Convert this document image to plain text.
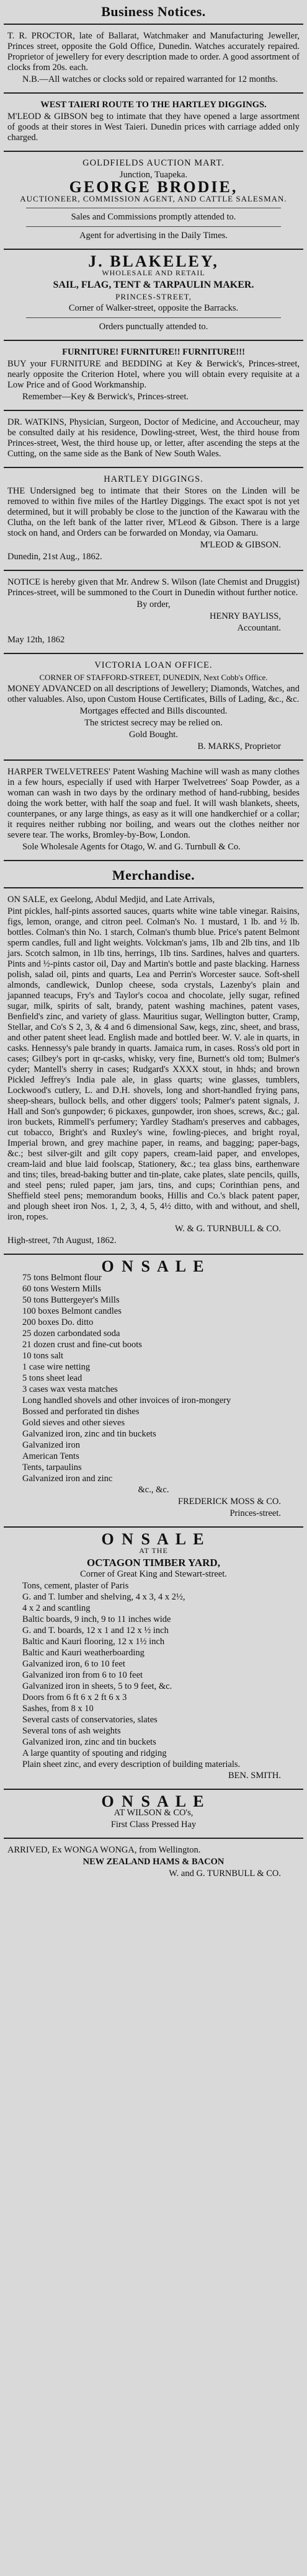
Business Notices.

T. R. PROCTOR, late of Ballarat, Watchmaker and Manufacturing Jeweller, Princes street, opposite the Gold Office, Dunedin. Watches accurately repaired. Proprietor of jewellery for every description made to order. A good assortment of clocks from 20s. each.

N.B.—All watches or clocks sold or repaired warranted for 12 months.

WEST TAIERI ROUTE TO THE HARTLEY DIGGINGS.

M'LEOD & GIBSON beg to intimate that they have opened a large assortment of goods at their stores in West Taieri. Dunedin prices with carriage added only charged.

GOLDFIELDS AUCTION MART.

Junction, Tuapeka.

GEORGE BRODIE,

AUCTIONEER, COMMISSION AGENT, AND CATTLE SALESMAN.

Sales and Commissions promptly attended to.

Agent for advertising in the Daily Times.

J. BLAKELEY,

WHOLESALE AND RETAIL

SAIL, FLAG, TENT & TARPAULIN MAKER.

PRINCES-STREET,

Corner of Walker-street, opposite the Barracks.

Orders punctually attended to.

FURNITURE! FURNITURE!! FURNITURE!!!

BUY your FURNITURE and BEDDING at Key & Berwick's, Princes-street, nearly opposite the Criterion Hotel, where you will obtain every requisite at a Low Price and of Good Workmanship.

Remember—Key & Berwick's, Princes-street.

DR. WATKINS, Physician, Surgeon, Doctor of Medicine, and Accoucheur, may be consulted daily at his residence, Dowling-street, West, the third house from Princes-street, West, the third house up, or letter, after ascending the steps at the Cutting, on the same side as the Bank of New South Wales.

HARTLEY DIGGINGS.

THE Undersigned beg to intimate that their Stores on the Linden will be removed to within five miles of the Hartley Diggings. The exact spot is not yet determined, but it will probably be close to the junction of the Kawarau with the Clutha, on the left bank of the latter river, M'Leod & Gibson. There is a large stock on hand, and Orders can be forwarded on Monday, via Oamaru.

M'LEOD & GIBSON.

Dunedin, 21st Aug., 1862.

NOTICE is hereby given that Mr. Andrew S. Wilson (late Chemist and Druggist) Princes-street, will be summoned to the Court in Dunedin without further notice.

By order,

HENRY BAYLISS,

Accountant.

May 12th, 1862

VICTORIA LOAN OFFICE.

CORNER OF STAFFORD-STREET, DUNEDIN, Next Cobb's Office.

MONEY ADVANCED on all descriptions of Jewellery; Diamonds, Watches, and other valuables. Also, upon Custom House Certificates, Bills of Lading, &c., &c.

Mortgages effected and Bills discounted.

The strictest secrecy may be relied on.

Gold Bought.

B. MARKS, Proprietor

HARPER TWELVETREES' Patent Washing Machine will wash as many clothes in a few hours, especially if used with Harper Twelvetrees' Soap Powder, as a woman can wash in two days by the ordinary method of hand-rubbing, besides doing the work better, with half the soap and fuel. It will wash blankets, sheets, counterpanes, or any large things, as easy as it will one handkerchief or a collar; it requires neither rubbing nor boiling, and wears out the clothes neither nor severe tear. The works, Bromley-by-Bow, London.

Sole Wholesale Agents for Otago, W. and G. Turnbull & Co.

Merchandise.

ON SALE, ex Geelong, Abdul Medjid, and Late Arrivals,

Pint pickles, half-pints assorted sauces, quarts white wine table vinegar. Raisins, figs, lemon, orange, and citron peel. Colman's No. 1 mustard, 1 lb. and ½ lb. bottles. Colman's thin No. 1 starch, Colman's thumb blue. Price's patent Belmont sperm candles, full and light weights. Volckman's jams, 1lb and 2lb tins, and 1lb jars. Scotch salmon, in 1lb tins, herrings, 1lb tins. Sardines, halves and quarters. Pints and ½-pints castor oil, Day and Martin's bottle and paste blacking. Harness polish, salad oil, pints and quarts, Lea and Perrin's Worcester sauce. Soft-shell almonds, candlewick, Dunlop cheese, soda crystals, Lazenby's plain and japanned teacups, Fry's and Taylor's cocoa and chocolate, jelly sugar, refined sugar, milk, spirits of salt, brandy, patent washing machines, patent vases, Benfield's zinc, and variety of glass. Mauritius sugar, Wellington butter, Cramp, Stellar, and Co's S 2, 3, & 4 and 6 dimensional Saw, kegs, zinc, sheet, and brass, and other patent sheet lead. English made and bottled beer. W. V. ale in quarts, in casks. Hennessy's pale brandy in quarts. Jamaica rum, in cases. Ross's old port in cases; Gilbey's port in qr-casks, whisky, very fine, Burnett's old tom; Bulmer's cyder; Mantell's sherry in cases; Rudgard's XXXX stout, in hhds; and brown Pickled Jeffrey's India pale ale, in glass quarts; wine glasses, tumblers, Lockwood's cutlery, L. and D.H. shovels, long and short-handled frying pans, sheep-shears, bullock bells, and other diggers' tools; Palmer's patent signals, J. Hall and Son's gunpowder; 6 pickaxes, gunpowder, iron shoes, screws, &c.; gal. iron buckets, Rimmell's perfumery; Yardley Stadham's preserves and cabbages, cut tobacco, Bright's and Ruxley's wine, fowling-pieces, and bright royal, Imperial brown, and grey machine paper, in reams, and bagging; paper-bags, &c.; best silver-gilt and gilt copy papers, cream-laid paper, and envelopes, cream-laid and blue laid foolscap, Stationery, &c.; tea glass bins, earthenware and tins; tiles, bread-baking butter and tin-plate, cake plates, slate pencils, quills, and steel pens; ruled paper, jam jars, tins, and cups; Corinthian pens, and Sheffield steel pens; memorandum books, Hillis and Co.'s black patent paper, and plough sheet iron Nos. 1, 2, 3, 4, 5, 4½ ditto, with and without, and shell, iron, ropes.

W. & G. TURNBULL & CO.

High-street, 7th August, 1862.

O N S A L E

75 tons Belmont flour
60 tons Western Mills
50 tons Buttergeyer's Mills
100 boxes Belmont candles
200 boxes Do. ditto
25 dozen carbondated soda
21 dozen crust and fine-cut boots
10 tons salt
1 case wire netting
5 tons sheet lead
3 cases wax vesta matches
Long handled shovels and other invoices of iron-mongery
Bossed and perforated tin dishes
Gold sieves and other sieves
Galvanized iron, zinc and tin buckets
Galvanized iron
American Tents
Tents, tarpaulins
Galvanized iron and zinc

&c., &c.

FREDERICK MOSS & CO.

Princes-street.

O N S A L E

AT THE

OCTAGON TIMBER YARD,

Corner of Great King and Stewart-street.

Tons, cement, plaster of Paris
G. and T. lumber and shelving, 4 x 3, 4 x 2½,
4 x 2 and scantling
Baltic boards, 9 inch, 9 to 11 inches wide
G. and T. boards, 12 x 1 and 12 x ½ inch
Baltic and Kauri flooring, 12 x 1½ inch
Baltic and Kauri weatherboarding
Galvanized iron, 6 to 10 feet
Galvanized iron from 6 to 10 feet
Galvanized iron in sheets, 5 to 9 feet, &c.
Doors from 6 ft 6 x 2 ft 6 x 3
Sashes, from 8 x 10
Several casts of conservatories, slates
Several tons of ash weights
Galvanized iron, zinc and tin buckets
A large quantity of spouting and ridging
Plain sheet zinc, and every description of building materials.

BEN. SMITH.

O N S A L E

AT WILSON & CO's,

First Class Pressed Hay

ARRIVED, Ex WONGA WONGA, from Wellington.

NEW ZEALAND HAMS & BACON

W. and G. TURNBULL & CO.
